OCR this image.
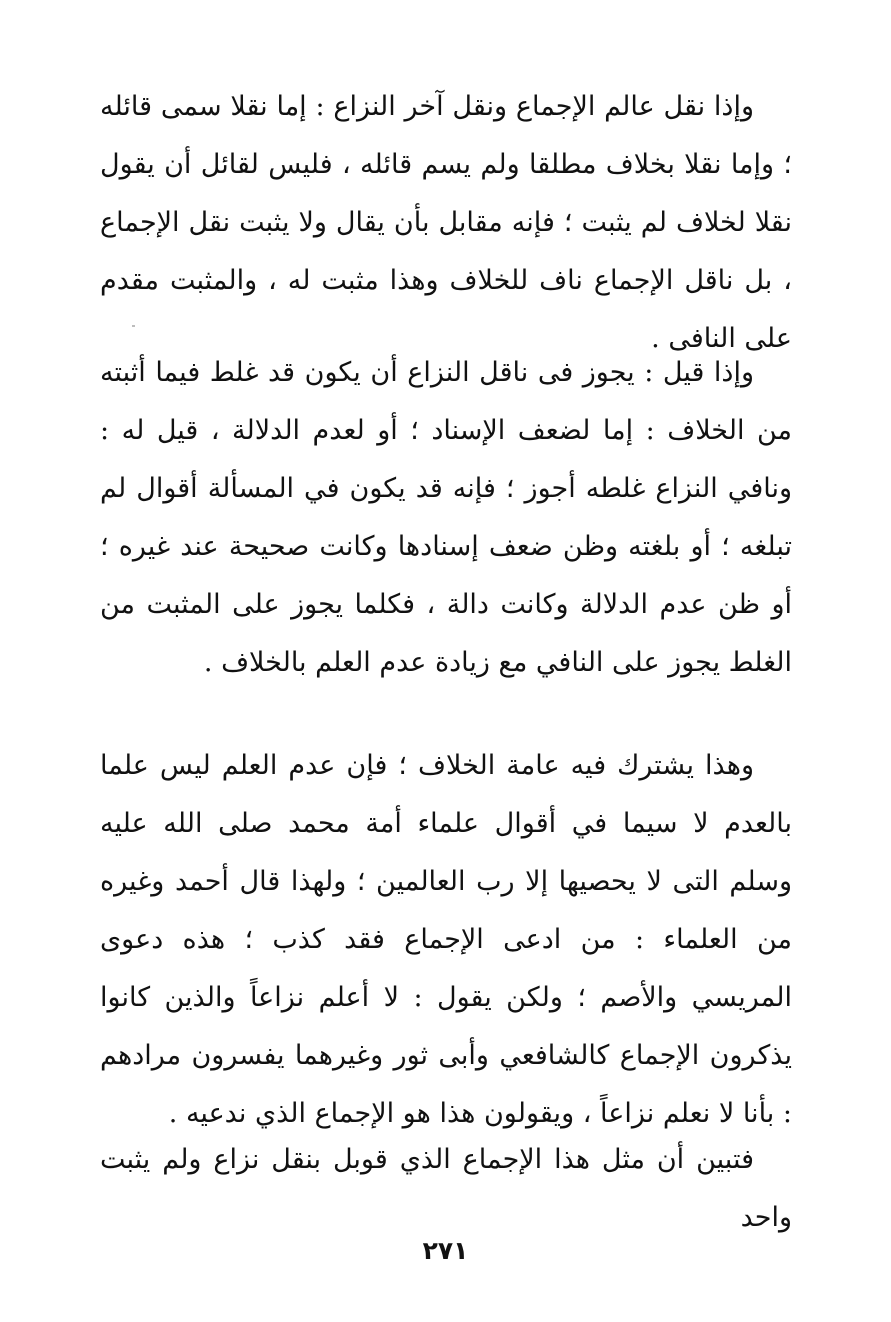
وإذا نقل عالم الإجماع ونقل آخر النزاع : إما نقلا سمى قائله ؛ وإما نقلا بخلاف مطلقا ولم يسم قائله ، فليس لقائل أن يقول نقلا لخلاف لم يثبت ؛ فإنه مقابل بأن يقال ولا يثبت نقل الإجماع ، بل ناقل الإجماع ناف للخلاف وهذا مثبت له ، والمثبت مقدم على النافى .

وإذا قيل : يجوز فى ناقل النزاع أن يكون قد غلط فيما أثبته من الخلاف : إما لضعف الإسناد ؛ أو لعدم الدلالة ، قيل له : ونافي النزاع غلطه أجوز ؛ فإنه قد يكون في المسألة أقوال لم تبلغه ؛ أو بلغته وظن ضعف إسنادها وكانت صحيحة عند غيره ؛ أو ظن عدم الدلالة وكانت دالة ، فكلما يجوز على المثبت من الغلط يجوز على النافي مع زيادة عدم العلم بالخلاف .

وهذا يشترك فيه عامة الخلاف ؛ فإن عدم العلم ليس علما بالعدم لا سيما في أقوال علماء أمة محمد صلى الله عليه وسلم التى لا يحصيها إلا رب العالمين ؛ ولهذا قال أحمد وغيره من العلماء : من ادعى الإجماع فقد كذب ؛ هذه دعوى المريسي والأصم ؛ ولكن يقول : لا أعلم نزاعاً والذين كانوا يذكرون الإجماع كالشافعي وأبى ثور وغيرهما يفسرون مرادهم : بأنا لا نعلم نزاعاً ، ويقولون هذا هو الإجماع الذي ندعيه .

فتبين أن مثل هذا الإجماع الذي قوبل بنقل نزاع ولم يثبت واحد

٢٧١
